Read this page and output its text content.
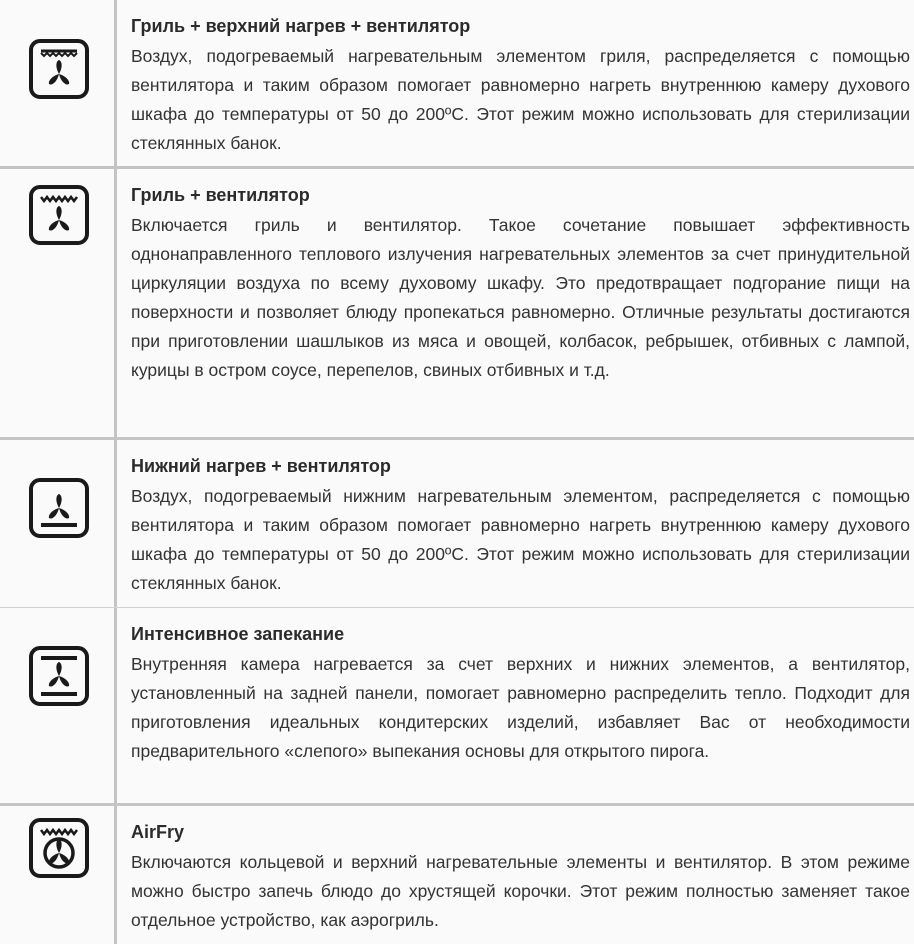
Гриль + верхний нагрев + вентилятор
Воздух, подогреваемый нагревательным элементом гриля, распределяется с помощью вентилятора и таким образом помогает равномерно нагреть внутреннюю камеру духового шкафа до температуры от 50 до 200ºС. Этот режим можно использовать для стерилизации стеклянных банок.
Гриль + вентилятор
Включается гриль и вентилятор. Такое сочетание повышает эффективность однонаправленного теплового излучения нагревательных элементов за счет принудительной циркуляции воздуха по всему духовому шкафу. Это предотвращает подгорание пищи на поверхности и позволяет блюду пропекаться равномерно. Отличные результаты достигаются при приготовлении шашлыков из мяса и овощей, колбасок, ребрышек, отбивных с лампой, курицы в остром соусе, перепелов, свиных отбивных и т.д.
Нижний нагрев + вентилятор
Воздух, подогреваемый нижним нагревательным элементом, распределяется с помощью вентилятора и таким образом помогает равномерно нагреть внутреннюю камеру духового шкафа до температуры от 50 до 200ºС. Этот режим можно использовать для стерилизации стеклянных банок.
Интенсивное запекание
Внутренняя камера нагревается за счет верхних и нижних элементов, а вентилятор, установленный на задней панели, помогает равномерно распределить тепло. Подходит для приготовления идеальных кондитерских изделий, избавляет Вас от необходимости предварительного «слепого» выпекания основы для открытого пирога.
AirFry
Включаются кольцевой и верхний нагревательные элементы и вентилятор. В этом режиме можно быстро запечь блюдо до хрустящей корочки. Этот режим полностью заменяет такое отдельное устройство, как аэрогриль.
